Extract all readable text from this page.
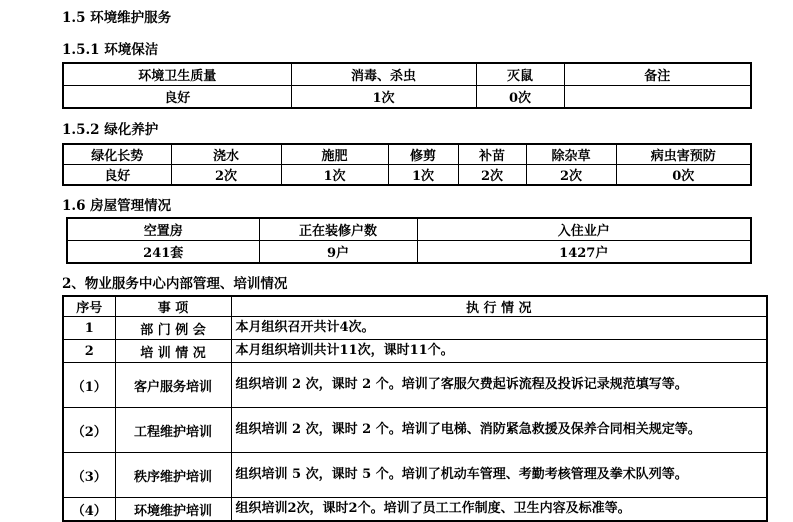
1.5 环境维护服务
1.5.1 环境保洁
环境卫生质量	消毒、杀虫	灭鼠	备注
良好	1次	0次	
1.5.2 绿化养护
绿化长势	浇水	施肥	修剪	补苗	除杂草	病虫害预防
良好	2次	1次	1次	2次	2次	0次
1.6 房屋管理情况
空置房	正在装修户数	入住业户
241套	9户	1427户
2、物业服务中心内部管理、培训情况
序号	事 项	执 行 情 况
1	部 门 例 会	本月组织召开共计4次。
2	培 训 情 况	本月组织培训共计11次，课时11个。
（1）	客户服务培训	组织培训 2 次，课时 2 个。培训了客服欠费起诉流程及投诉记录规范填写等。
（2）	工程维护培训	组织培训 2 次，课时 2 个。培训了电梯、消防紧急救援及保养合同相关规定等。
（3）	秩序维护培训	组织培训 5 次，课时 5 个。培训了机动车管理、考勤考核管理及拳术队列等。
（4）	环境维护培训	组织培训2次，课时2个。培训了员工工作制度、卫生内容及标准等。
